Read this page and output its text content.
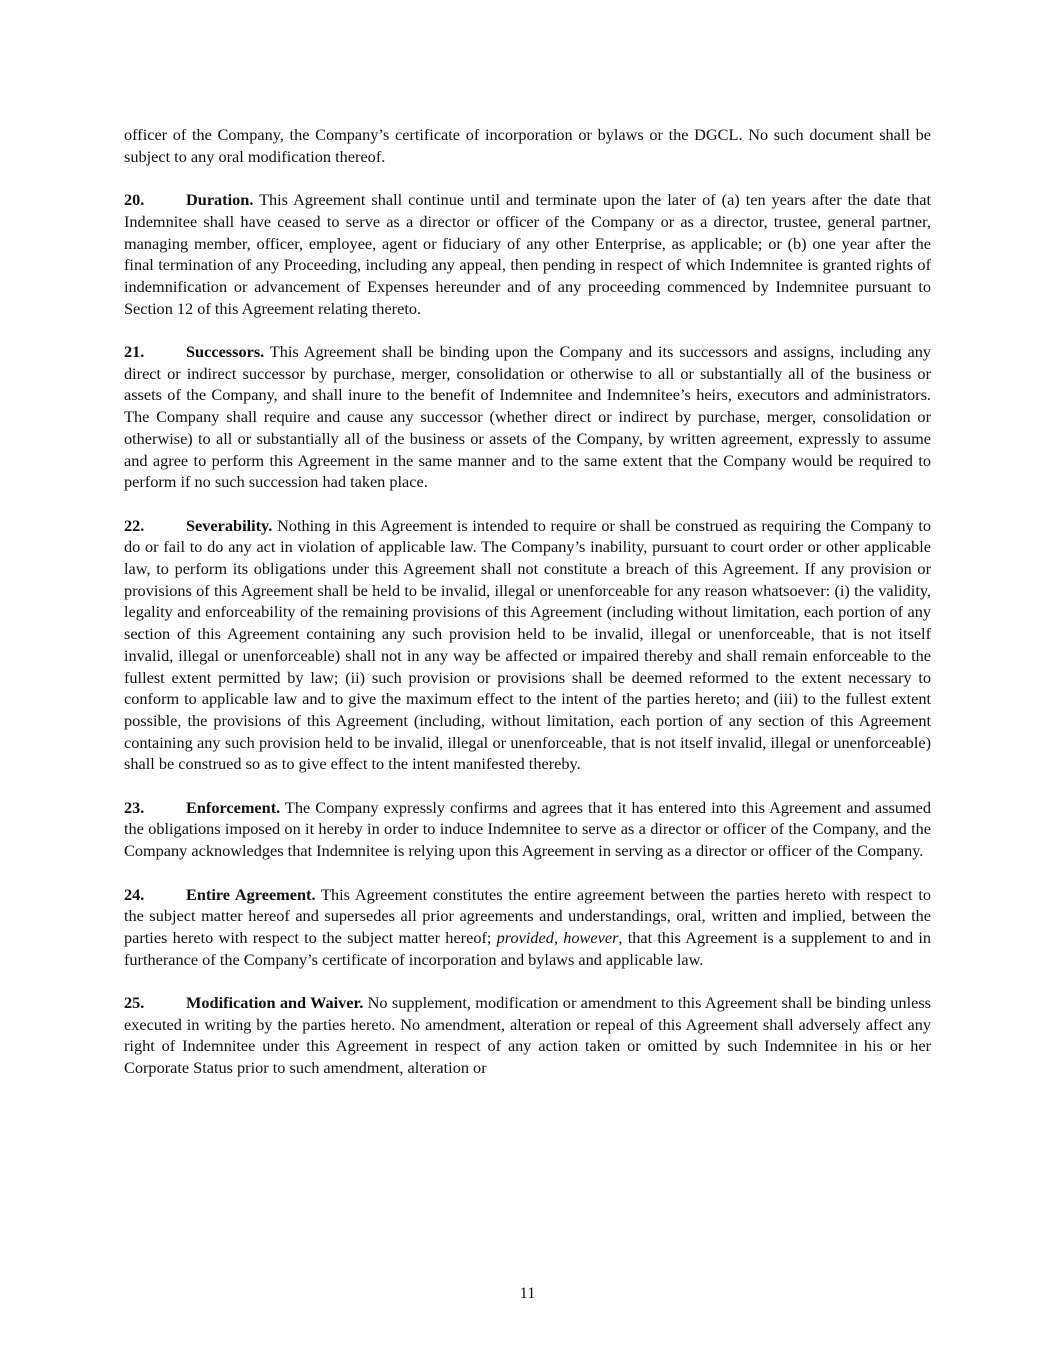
officer of the Company, the Company’s certificate of incorporation or bylaws or the DGCL. No such document shall be subject to any oral modification thereof.

20.	Duration. This Agreement shall continue until and terminate upon the later of (a) ten years after the date that Indemnitee shall have ceased to serve as a director or officer of the Company or as a director, trustee, general partner, managing member, officer, employee, agent or fiduciary of any other Enterprise, as applicable; or (b) one year after the final termination of any Proceeding, including any appeal, then pending in respect of which Indemnitee is granted rights of indemnification or advancement of Expenses hereunder and of any proceeding commenced by Indemnitee pursuant to Section 12 of this Agreement relating thereto.

21.	Successors. This Agreement shall be binding upon the Company and its successors and assigns, including any direct or indirect successor by purchase, merger, consolidation or otherwise to all or substantially all of the business or assets of the Company, and shall inure to the benefit of Indemnitee and Indemnitee’s heirs, executors and administrators. The Company shall require and cause any successor (whether direct or indirect by purchase, merger, consolidation or otherwise) to all or substantially all of the business or assets of the Company, by written agreement, expressly to assume and agree to perform this Agreement in the same manner and to the same extent that the Company would be required to perform if no such succession had taken place.

22.	Severability. Nothing in this Agreement is intended to require or shall be construed as requiring the Company to do or fail to do any act in violation of applicable law. The Company’s inability, pursuant to court order or other applicable law, to perform its obligations under this Agreement shall not constitute a breach of this Agreement. If any provision or provisions of this Agreement shall be held to be invalid, illegal or unenforceable for any reason whatsoever: (i) the validity, legality and enforceability of the remaining provisions of this Agreement (including without limitation, each portion of any section of this Agreement containing any such provision held to be invalid, illegal or unenforceable, that is not itself invalid, illegal or unenforceable) shall not in any way be affected or impaired thereby and shall remain enforceable to the fullest extent permitted by law; (ii) such provision or provisions shall be deemed reformed to the extent necessary to conform to applicable law and to give the maximum effect to the intent of the parties hereto; and (iii) to the fullest extent possible, the provisions of this Agreement (including, without limitation, each portion of any section of this Agreement containing any such provision held to be invalid, illegal or unenforceable, that is not itself invalid, illegal or unenforceable) shall be construed so as to give effect to the intent manifested thereby.

23.	Enforcement. The Company expressly confirms and agrees that it has entered into this Agreement and assumed the obligations imposed on it hereby in order to induce Indemnitee to serve as a director or officer of the Company, and the Company acknowledges that Indemnitee is relying upon this Agreement in serving as a director or officer of the Company.

24.	Entire Agreement. This Agreement constitutes the entire agreement between the parties hereto with respect to the subject matter hereof and supersedes all prior agreements and understandings, oral, written and implied, between the parties hereto with respect to the subject matter hereof; provided, however, that this Agreement is a supplement to and in furtherance of the Company’s certificate of incorporation and bylaws and applicable law.

25.	Modification and Waiver. No supplement, modification or amendment to this Agreement shall be binding unless executed in writing by the parties hereto. No amendment, alteration or repeal of this Agreement shall adversely affect any right of Indemnitee under this Agreement in respect of any action taken or omitted by such Indemnitee in his or her Corporate Status prior to such amendment, alteration or

11
